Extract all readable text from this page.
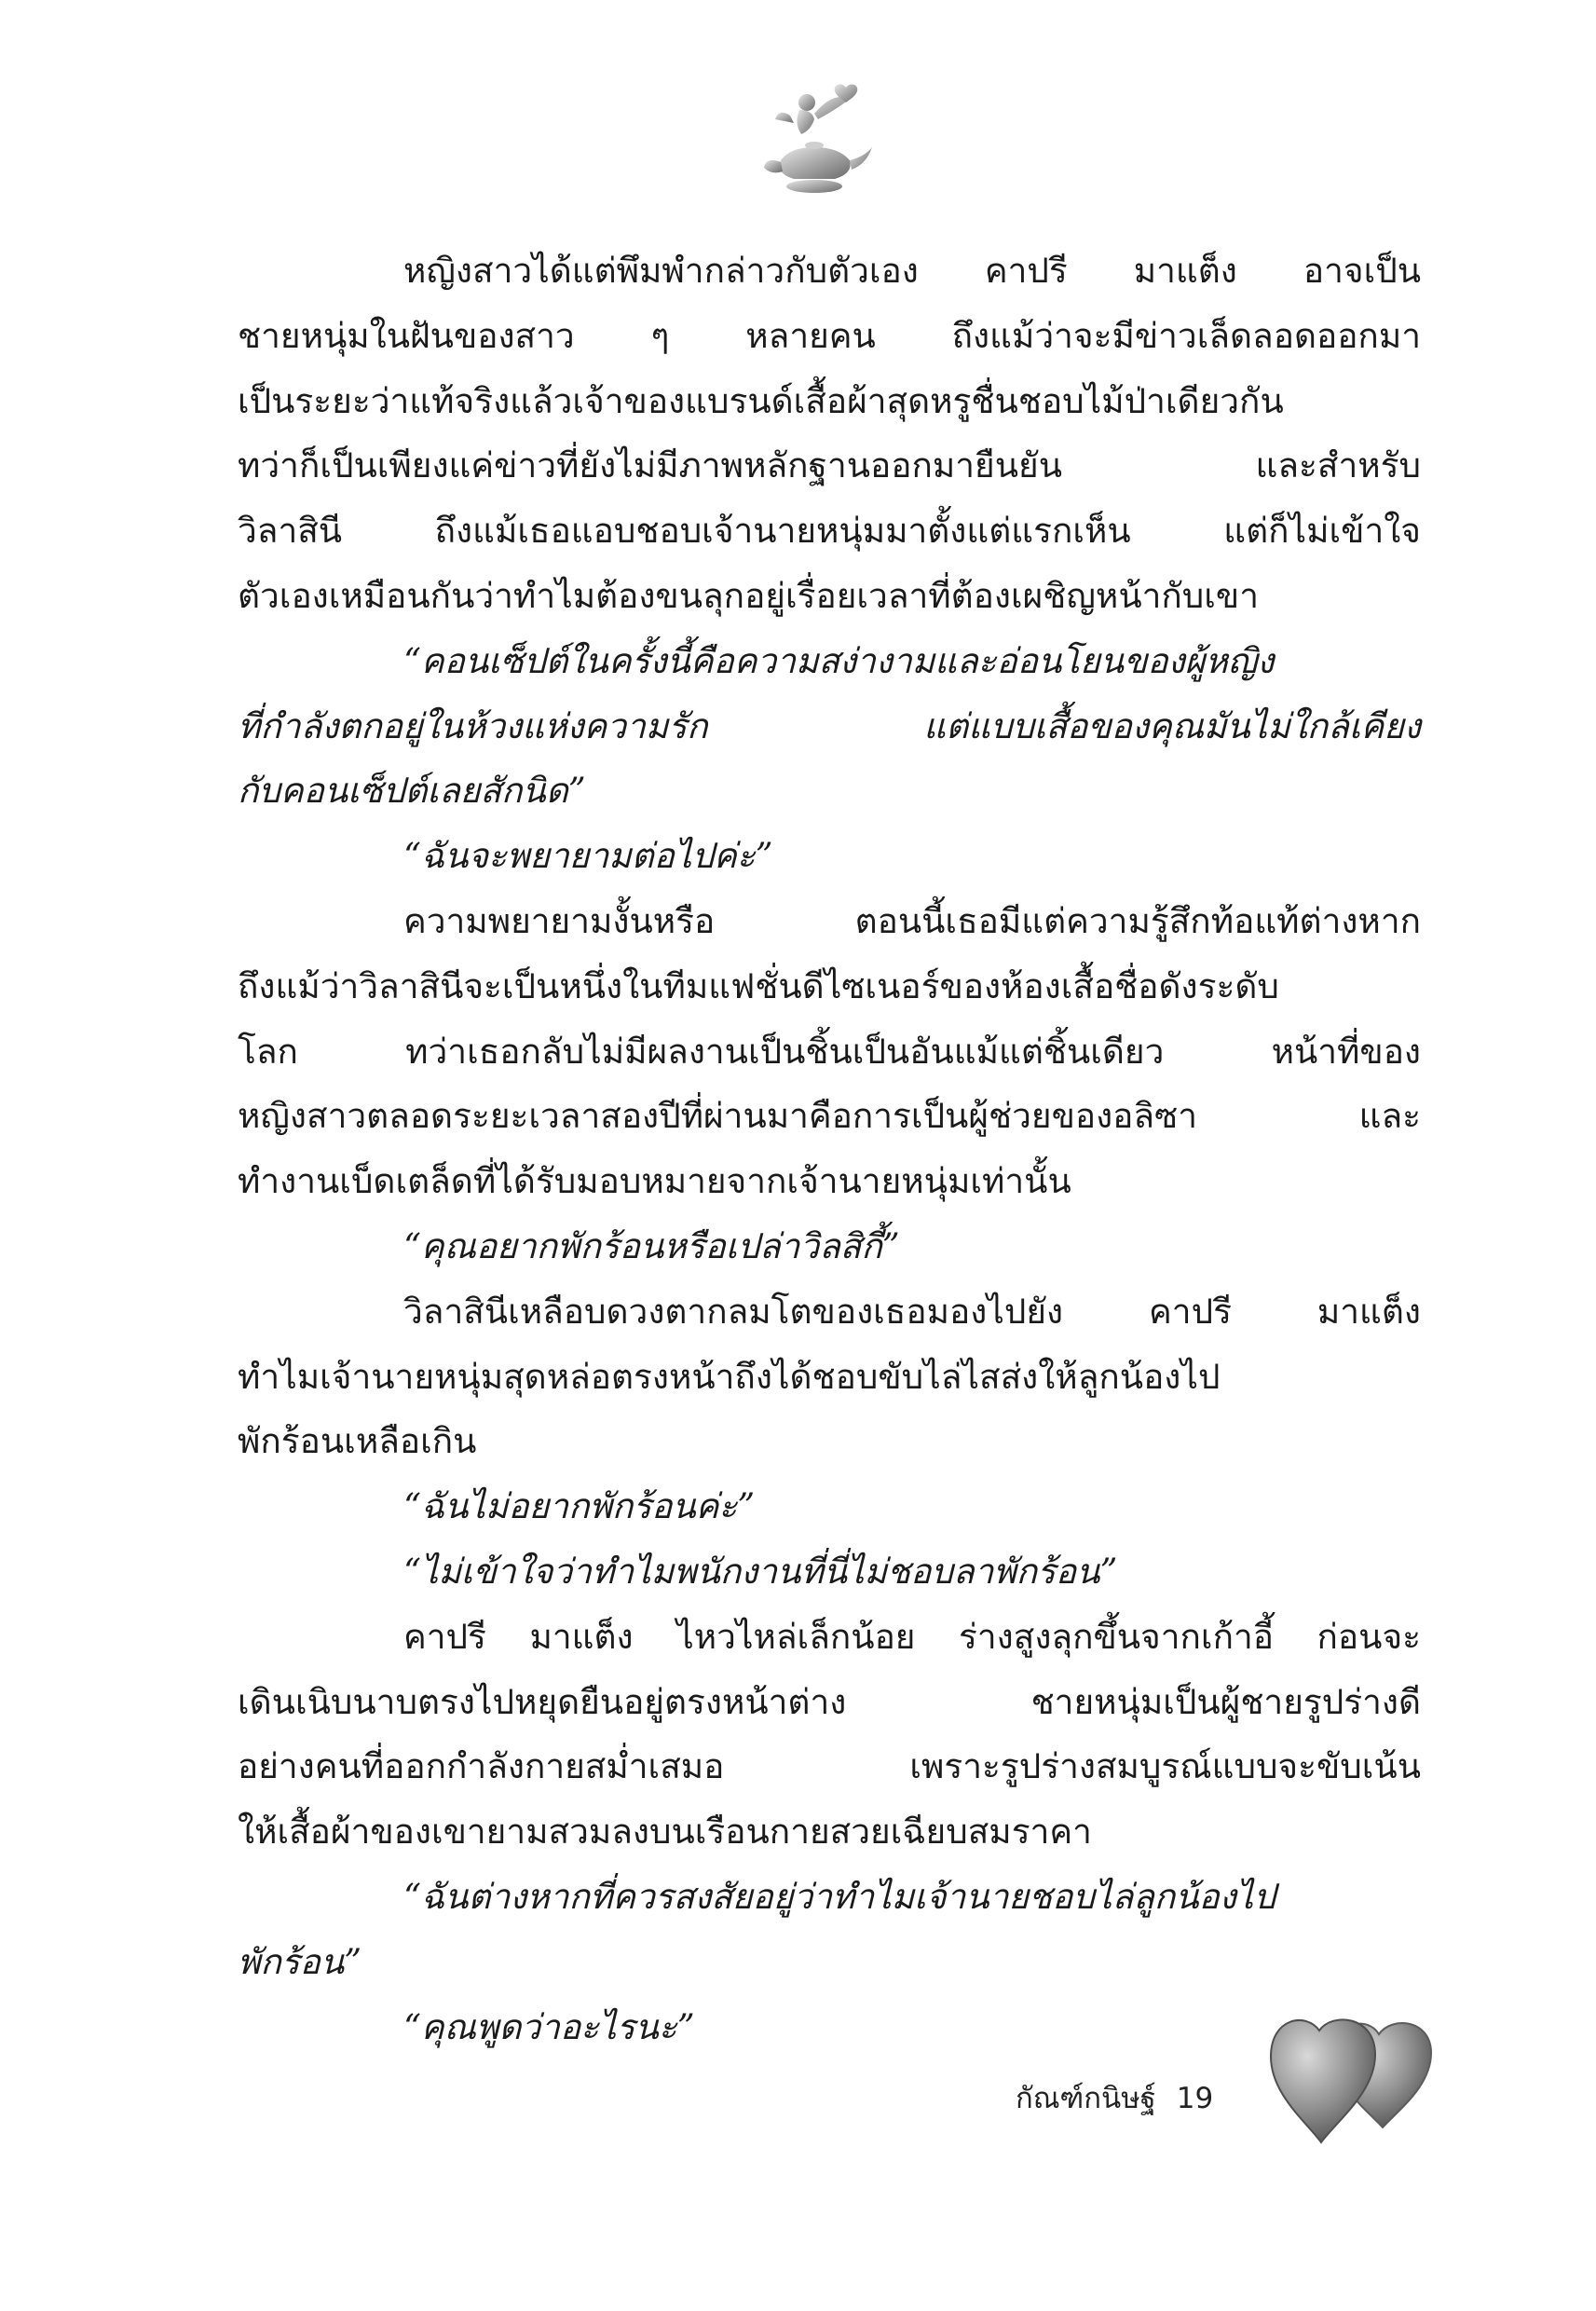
หญิงสาวได้แต่พึมพำกล่าวกับตัวเอง คาปรี มาแต็ง อาจเป็น
ชายหนุ่มในฝันของสาว ๆ หลายคน ถึงแม้ว่าจะมีข่าวเล็ดลอดออกมา
เป็นระยะว่าแท้จริงแล้วเจ้าของแบรนด์เสื้อผ้าสุดหรูชื่นชอบไม้ป่าเดียวกัน
ทว่าก็เป็นเพียงแค่ข่าวที่ยังไม่มีภาพหลักฐานออกมายืนยัน และสำหรับ
วิลาสินี ถึงแม้เธอแอบชอบเจ้านายหนุ่มมาตั้งแต่แรกเห็น แต่ก็ไม่เข้าใจ
ตัวเองเหมือนกันว่าทำไมต้องขนลุกอยู่เรื่อยเวลาที่ต้องเผชิญหน้ากับเขา
“คอนเซ็ปต์ในครั้งนี้คือความสง่างามและอ่อนโยนของผู้หญิง
ที่กำลังตกอยู่ในห้วงแห่งความรัก แต่แบบเสื้อของคุณมันไม่ใกล้เคียง
กับคอนเซ็ปต์เลยสักนิด”
“ฉันจะพยายามต่อไปค่ะ”
ความพยายามงั้นหรือ ตอนนี้เธอมีแต่ความรู้สึกท้อแท้ต่างหาก
ถึงแม้ว่าวิลาสินีจะเป็นหนึ่งในทีมแฟชั่นดีไซเนอร์ของห้องเสื้อชื่อดังระดับ
โลก ทว่าเธอกลับไม่มีผลงานเป็นชิ้นเป็นอันแม้แต่ชิ้นเดียว หน้าที่ของ
หญิงสาวตลอดระยะเวลาสองปีที่ผ่านมาคือการเป็นผู้ช่วยของอลิซา และ
ทำงานเบ็ดเตล็ดที่ได้รับมอบหมายจากเจ้านายหนุ่มเท่านั้น
“คุณอยากพักร้อนหรือเปล่าวิลสิกี้”
วิลาสินีเหลือบดวงตากลมโตของเธอมองไปยัง คาปรี มาแต็ง
ทำไมเจ้านายหนุ่มสุดหล่อตรงหน้าถึงได้ชอบขับไล่ไสส่งให้ลูกน้องไป
พักร้อนเหลือเกิน
“ฉันไม่อยากพักร้อนค่ะ”
“ไม่เข้าใจว่าทำไมพนักงานที่นี่ไม่ชอบลาพักร้อน”
คาปรี มาแต็ง ไหวไหล่เล็กน้อย ร่างสูงลุกขึ้นจากเก้าอี้ ก่อนจะ
เดินเนิบนาบตรงไปหยุดยืนอยู่ตรงหน้าต่าง ชายหนุ่มเป็นผู้ชายรูปร่างดี
อย่างคนที่ออกกำลังกายสม่ำเสมอ เพราะรูปร่างสมบูรณ์แบบจะขับเน้น
ให้เสื้อผ้าของเขายามสวมลงบนเรือนกายสวยเฉียบสมราคา
“ฉันต่างหากที่ควรสงสัยอยู่ว่าทำไมเจ้านายชอบไล่ลูกน้องไป
พักร้อน”
“คุณพูดว่าอะไรนะ”
กัณฑ์กนิษฐ์ 19
